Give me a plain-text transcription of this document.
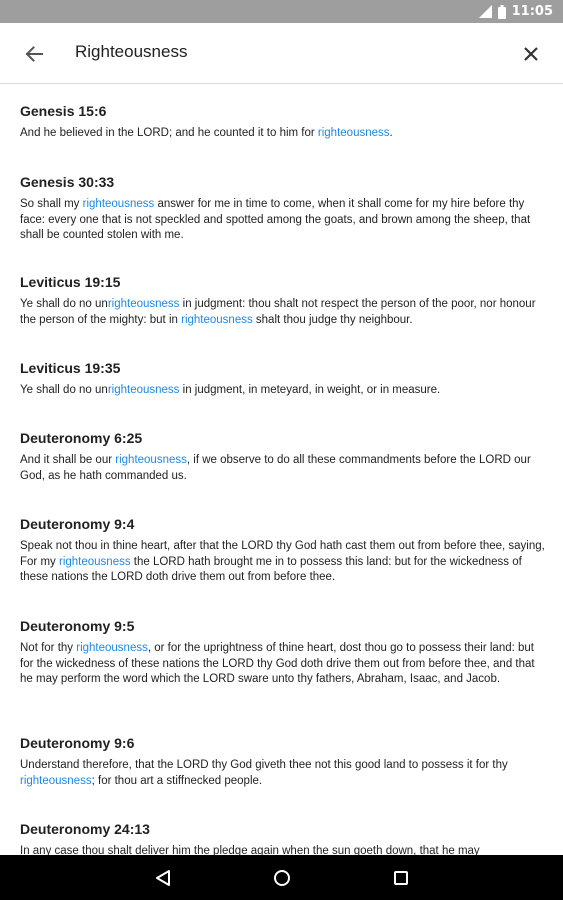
11:05
Righteousness
Genesis 15:6
And he believed in the LORD; and he counted it to him for righteousness.
Genesis 30:33
So shall my righteousness answer for me in time to come, when it shall come for my hire before thy face: every one that is not speckled and spotted among the goats, and brown among the sheep, that shall be counted stolen with me.
Leviticus 19:15
Ye shall do no unrighteousness in judgment: thou shalt not respect the person of the poor, nor honour the person of the mighty: but in righteousness shalt thou judge thy neighbour.
Leviticus 19:35
Ye shall do no unrighteousness in judgment, in meteyard, in weight, or in measure.
Deuteronomy 6:25
And it shall be our righteousness, if we observe to do all these commandments before the LORD our God, as he hath commanded us.
Deuteronomy 9:4
Speak not thou in thine heart, after that the LORD thy God hath cast them out from before thee, saying, For my righteousness the LORD hath brought me in to possess this land: but for the wickedness of these nations the LORD doth drive them out from before thee.
Deuteronomy 9:5
Not for thy righteousness, or for the uprightness of thine heart, dost thou go to possess their land: but for the wickedness of these nations the LORD thy God doth drive them out from before thee, and that he may perform the word which the LORD sware unto thy fathers, Abraham, Isaac, and Jacob.
Deuteronomy 9:6
Understand therefore, that the LORD thy God giveth thee not this good land to possess it for thy righteousness; for thou art a stiffnecked people.
Deuteronomy 24:13
In any case thou shalt deliver him the pledge again when the sun goeth down, that he may
